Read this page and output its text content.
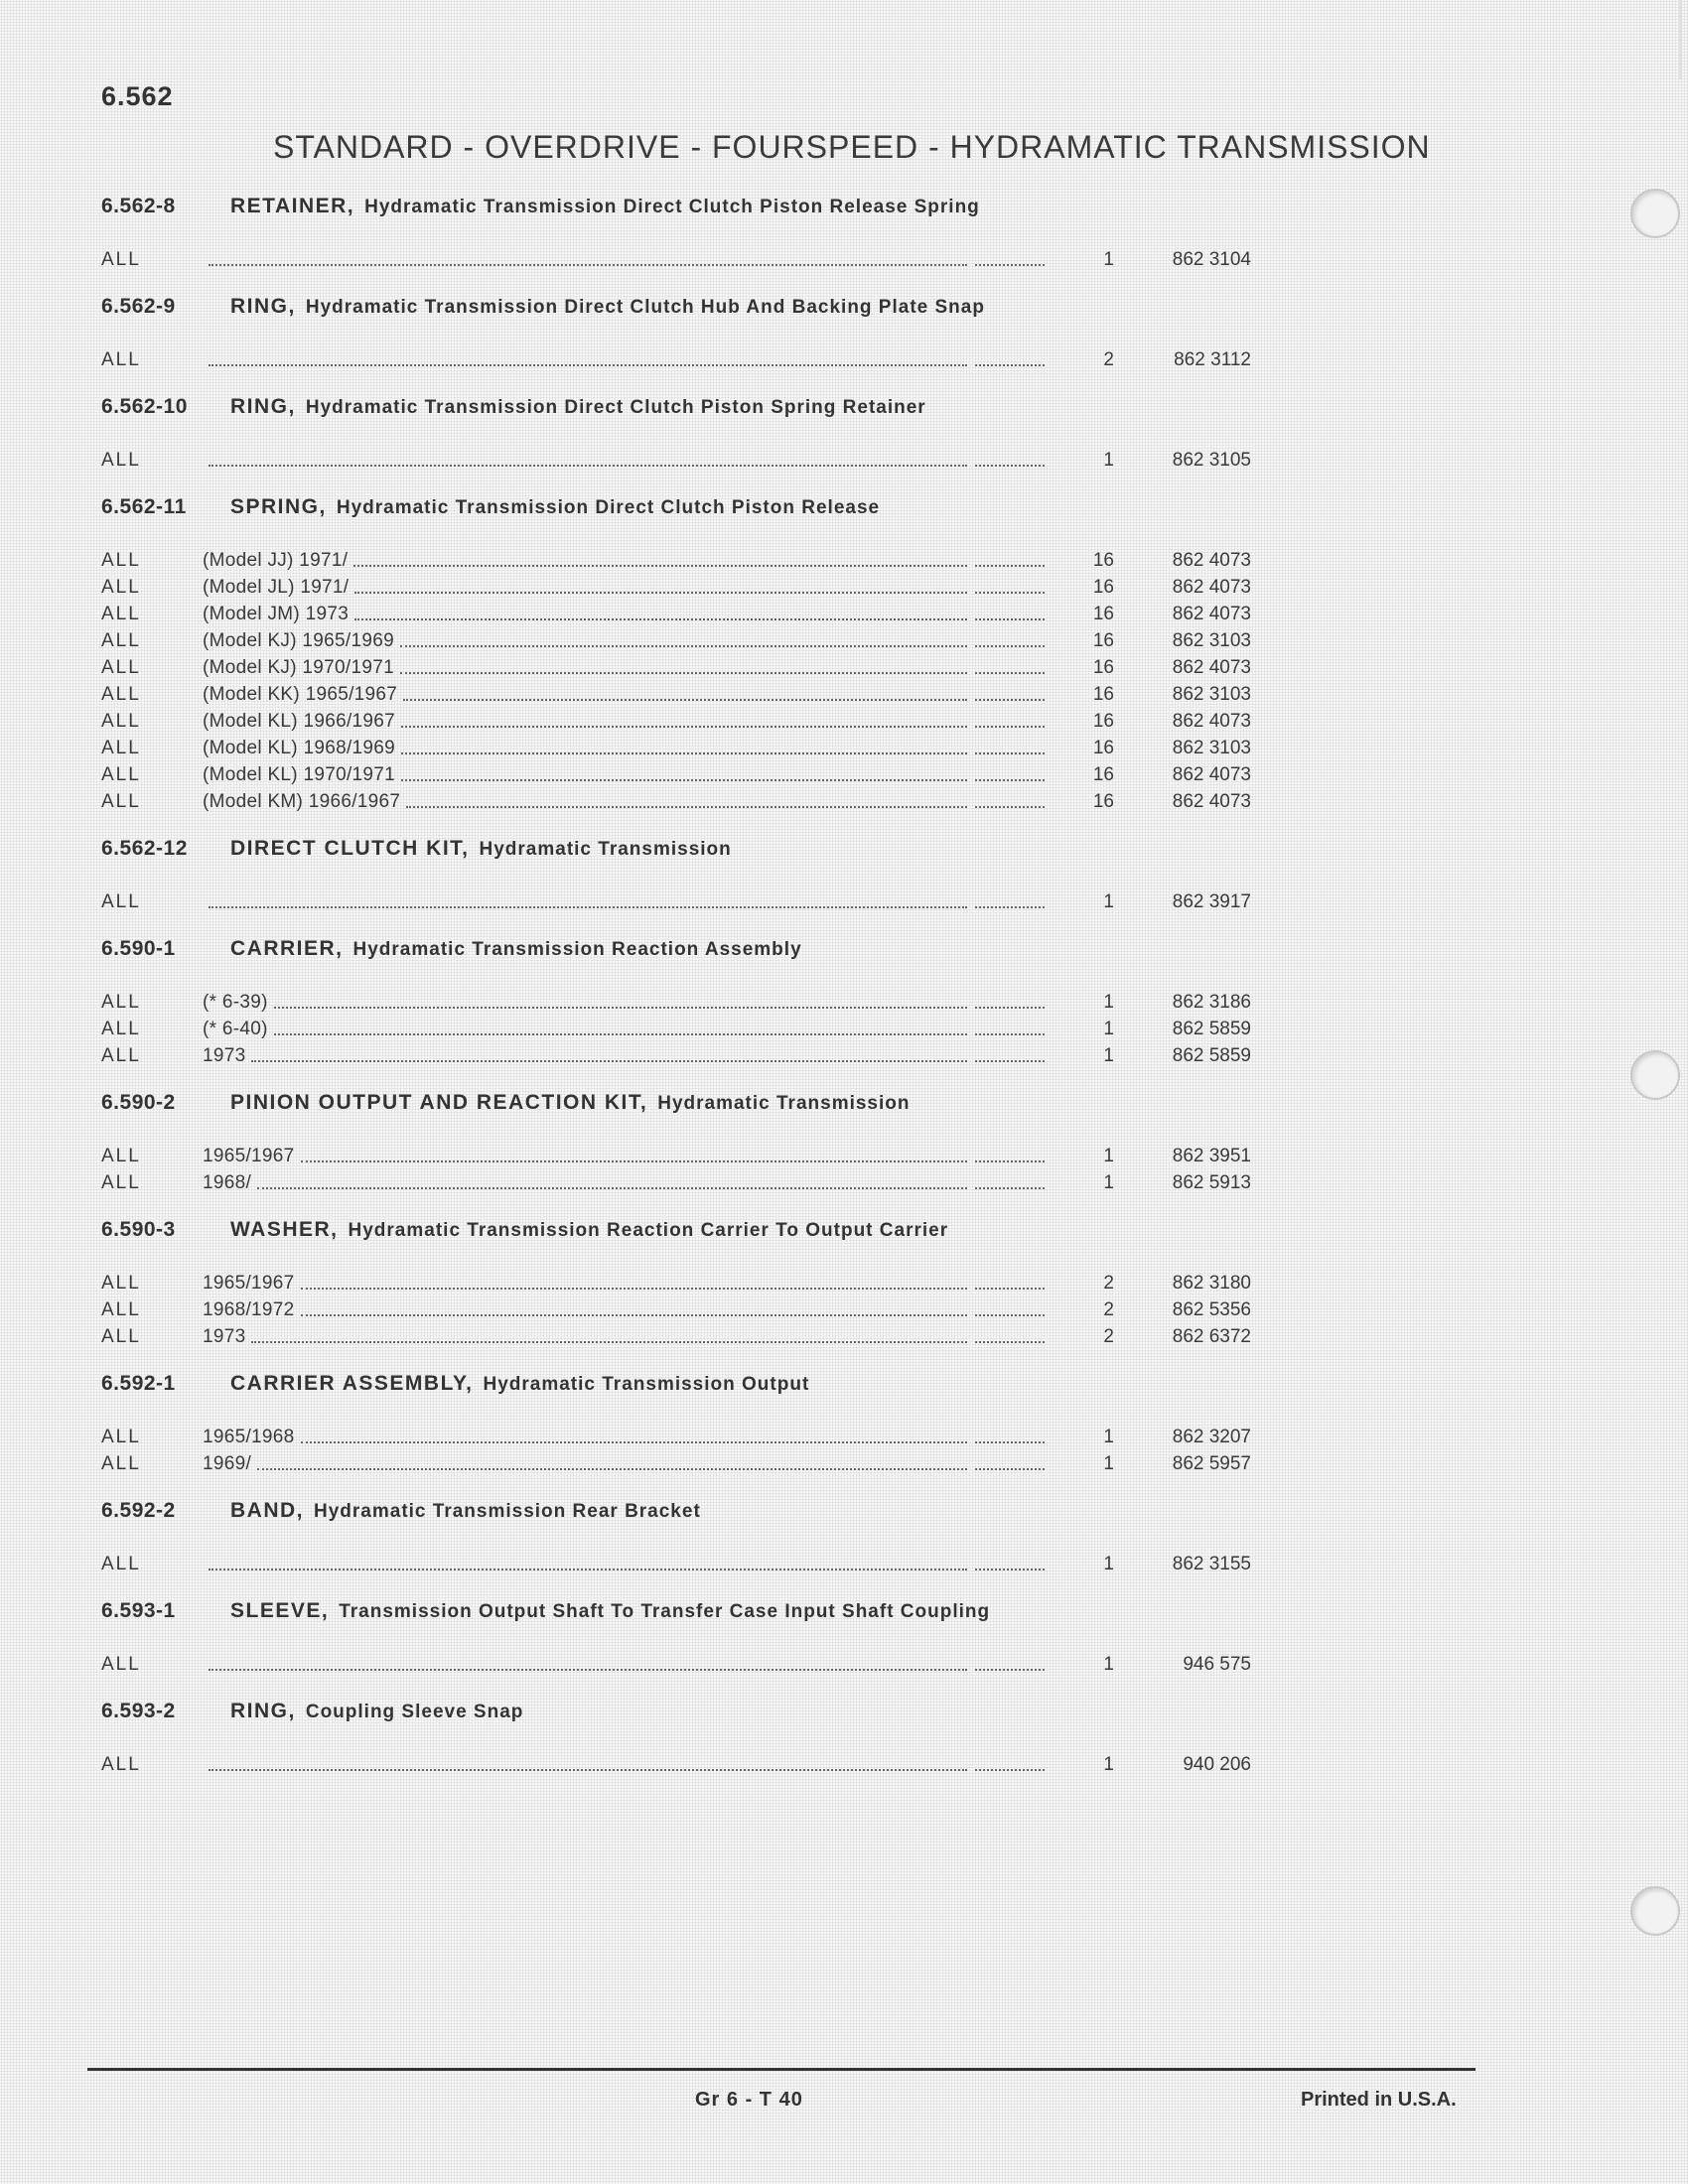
6.562
STANDARD - OVERDRIVE - FOURSPEED - HYDRAMATIC TRANSMISSION
6.562-8	RETAINER, Hydramatic Transmission Direct Clutch Piston Release Spring
ALL	1	862 3104
6.562-9	RING, Hydramatic Transmission Direct Clutch Hub And Backing Plate Snap
ALL	2	862 3112
6.562-10	RING, Hydramatic Transmission Direct Clutch Piston Spring Retainer
ALL	1	862 3105
6.562-11	SPRING, Hydramatic Transmission Direct Clutch Piston Release
ALL	(Model JJ) 1971/	16	862 4073
ALL	(Model JL) 1971/	16	862 4073
ALL	(Model JM) 1973	16	862 4073
ALL	(Model KJ) 1965/1969	16	862 3103
ALL	(Model KJ) 1970/1971	16	862 4073
ALL	(Model KK) 1965/1967	16	862 3103
ALL	(Model KL) 1966/1967	16	862 4073
ALL	(Model KL) 1968/1969	16	862 3103
ALL	(Model KL) 1970/1971	16	862 4073
ALL	(Model KM) 1966/1967	16	862 4073
6.562-12	DIRECT CLUTCH KIT, Hydramatic Transmission
ALL	1	862 3917
6.590-1	CARRIER, Hydramatic Transmission Reaction Assembly
ALL	(* 6-39)	1	862 3186
ALL	(* 6-40)	1	862 5859
ALL	1973	1	862 5859
6.590-2	PINION OUTPUT AND REACTION KIT, Hydramatic Transmission
ALL	1965/1967	1	862 3951
ALL	1968/	1	862 5913
6.590-3	WASHER, Hydramatic Transmission Reaction Carrier To Output Carrier
ALL	1965/1967	2	862 3180
ALL	1968/1972	2	862 5356
ALL	1973	2	862 6372
6.592-1	CARRIER ASSEMBLY, Hydramatic Transmission Output
ALL	1965/1968	1	862 3207
ALL	1969/	1	862 5957
6.592-2	BAND, Hydramatic Transmission Rear Bracket
ALL	1	862 3155
6.593-1	SLEEVE, Transmission Output Shaft To Transfer Case Input Shaft Coupling
ALL	1	946 575
6.593-2	RING, Coupling Sleeve Snap
ALL	1	940 206
Gr 6 - T 40	Printed in U.S.A.
